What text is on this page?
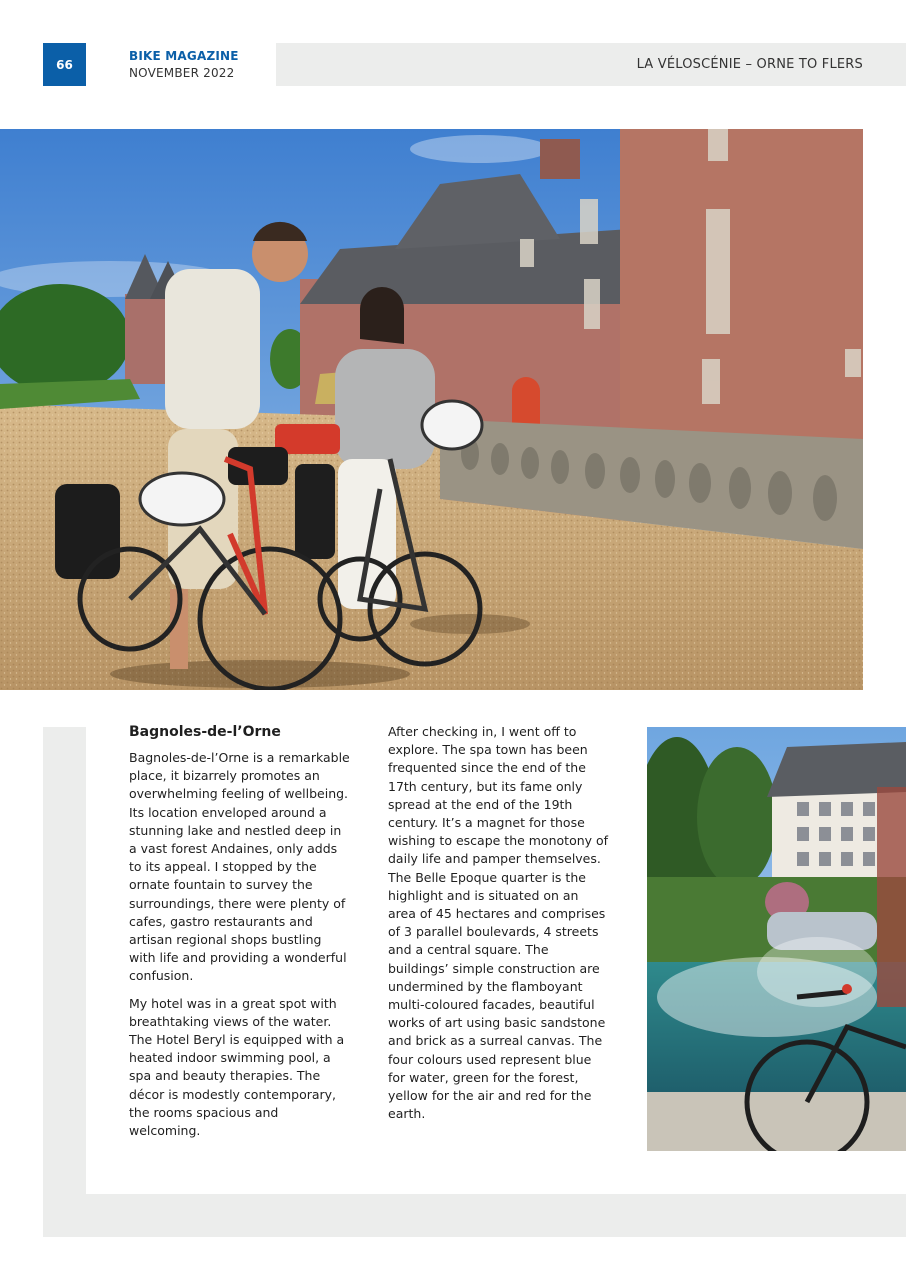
66
BIKE MAGAZINE
NOVEMBER 2022
LA VÉLOSCÉNIE – ORNE TO FLERS
Bagnoles-de-l’Orne

Bagnoles-de-l’Orne is a remarkable place, it bizarrely promotes an overwhelming feeling of wellbeing. Its location enveloped around a stunning lake and nestled deep in a vast forest Andaines, only adds to its appeal. I stopped by the ornate fountain to survey the surroundings, there were plenty of cafes, gastro restaurants and artisan regional shops bustling with life and providing a wonderful confusion.

My hotel was in a great spot with breathtaking views of the water. The Hotel Beryl is equipped with a heated indoor swimming pool, a spa and beauty therapies. The décor is modestly contemporary, the rooms spacious and welcoming.

After checking in, I went off to explore. The spa town has been frequented since the end of the 17th century, but its fame only spread at the end of the 19th century. It’s a magnet for those wishing to escape the monotony of daily life and pamper themselves. The Belle Epoque quarter is the highlight and is situated on an area of 45 hectares and comprises of 3 parallel boulevards, 4 streets and a central square. The buildings’ simple construction are undermined by the flamboyant multi-coloured facades, beautiful works of art using basic sandstone and brick as a surreal canvas. The four colours used represent blue for water, green for the forest, yellow for the air and red for the earth.
